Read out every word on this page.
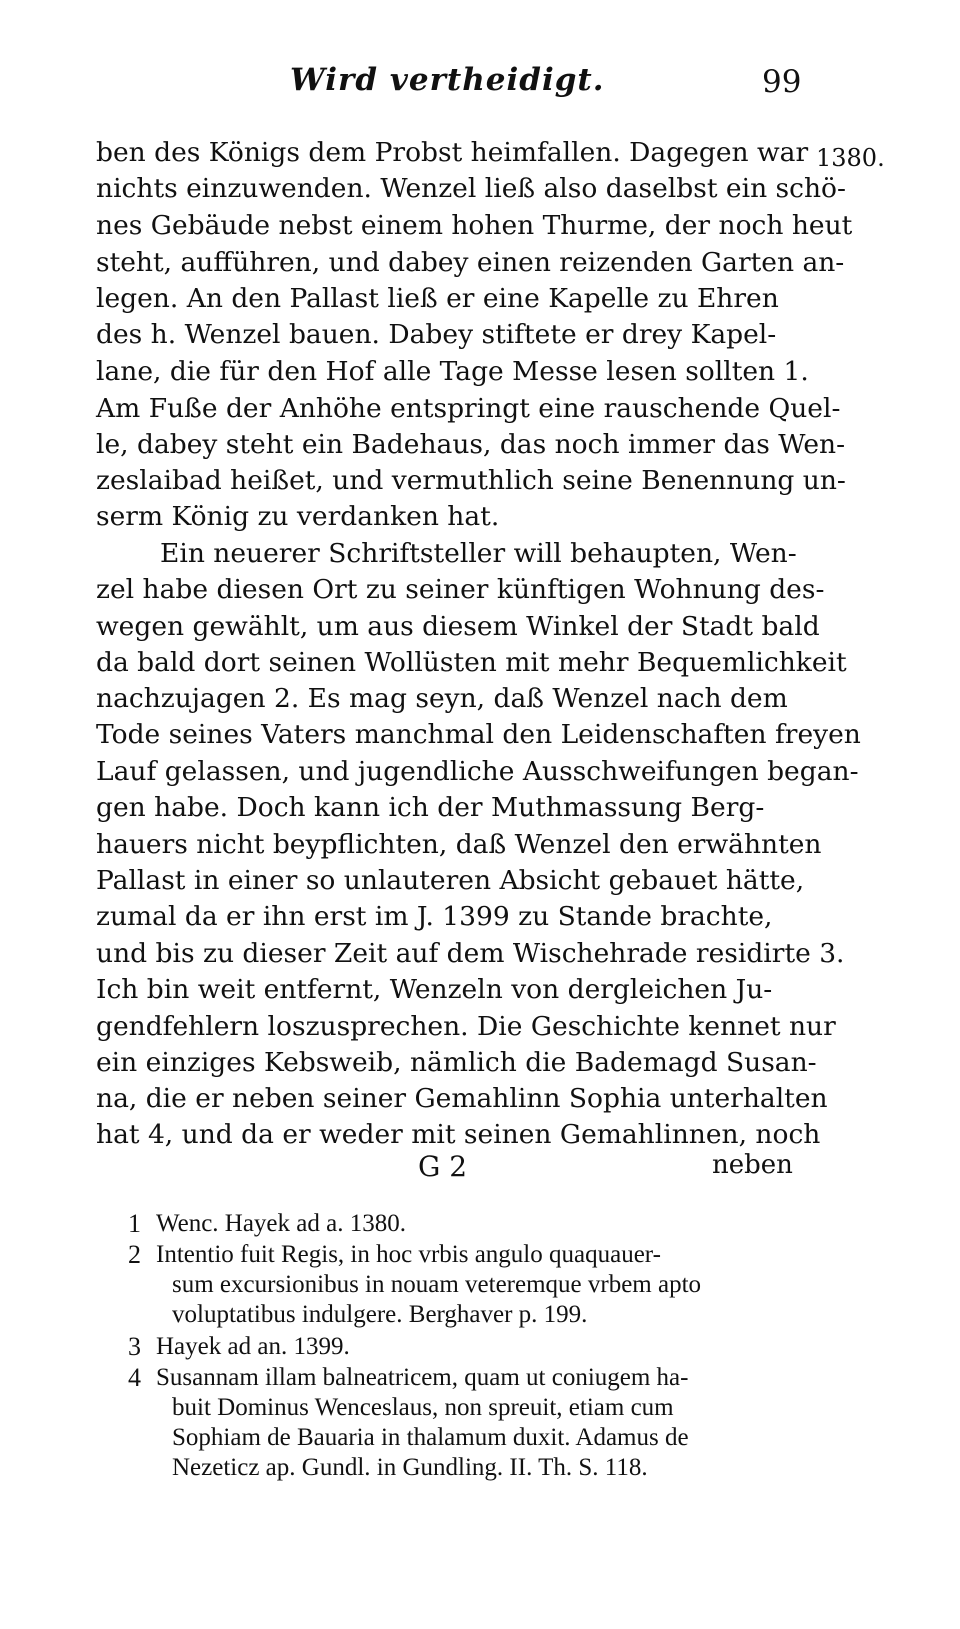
Wird vertheidigt.	99
1380.
ben des Königs dem Probst heimfallen. Dagegen war
nichts einzuwenden. Wenzel ließ also daselbst ein schö-
nes Gebäude nebst einem hohen Thurme, der noch heut
steht, aufführen, und dabey einen reizenden Garten an-
legen. An den Pallast ließ er eine Kapelle zu Ehren
des h. Wenzel bauen. Dabey stiftete er drey Kapel-
lane, die für den Hof alle Tage Messe lesen sollten 1.
Am Fuße der Anhöhe entspringt eine rauschende Quel-
le, dabey steht ein Badehaus, das noch immer das Wen-
zeslaibad heißet, und vermuthlich seine Benennung un-
serm König zu verdanken hat.
Ein neuerer Schriftsteller will behaupten, Wen-
zel habe diesen Ort zu seiner künftigen Wohnung des-
wegen gewählt, um aus diesem Winkel der Stadt bald
da bald dort seinen Wollüsten mit mehr Bequemlichkeit
nachzujagen 2. Es mag seyn, daß Wenzel nach dem
Tode seines Vaters manchmal den Leidenschaften freyen
Lauf gelassen, und jugendliche Ausschweifungen began-
gen habe. Doch kann ich der Muthmassung Berg-
hauers nicht beypflichten, daß Wenzel den erwähnten
Pallast in einer so unlauteren Absicht gebauet hätte,
zumal da er ihn erst im J. 1399 zu Stande brachte,
und bis zu dieser Zeit auf dem Wischehrade residirte 3.
Ich bin weit entfernt, Wenzeln von dergleichen Ju-
gendfehlern loszusprechen. Die Geschichte kennet nur
ein einziges Kebsweib, nämlich die Bademagd Susan-
na, die er neben seiner Gemahlinn Sophia unterhalten
hat 4, und da er weder mit seinen Gemahlinnen, noch
G 2	neben
1 Wenc. Hayek ad a. 1380.
2 Intentio fuit Regis, in hoc vrbis angulo quaquauer-
sum excursionibus in nouam veteremque vrbem apto
voluptatibus indulgere. Berghaver p. 199.
3 Hayek ad an. 1399.
4 Susannam illam balneatricem, quam ut coniugem ha-
buit Dominus Wenceslaus, non spreuit, etiam cum
Sophiam de Bauaria in thalamum duxit. Adamus de
Nezeticz ap. Gundl. in Gundling. II. Th. S. 118.
